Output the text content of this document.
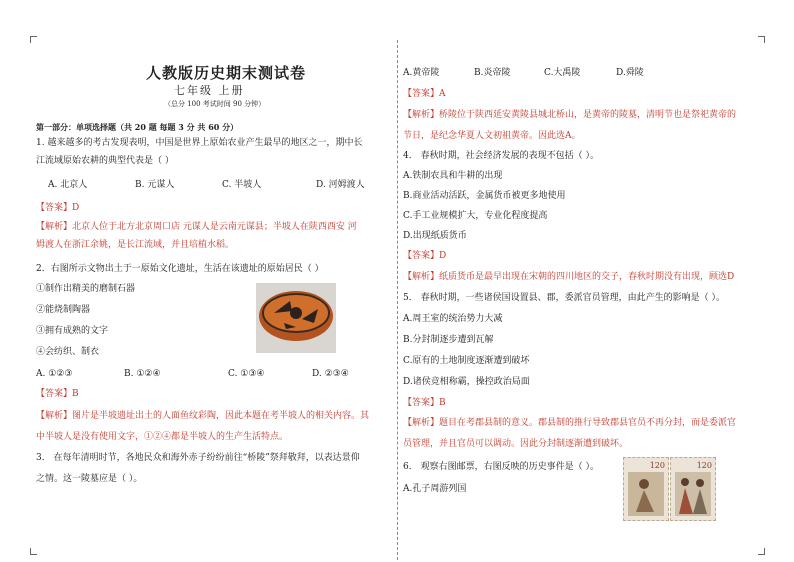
人教版历史期末测试卷
七年级 上册
（总分 100 考试时间 90 分钟）
第一部分：单项选择题（共 20 题 每题 3 分 共 60 分）
1. 越来越多的考古发现表明，中国是世界上原始农业产生最早的地区之一，期中长
江流域原始农耕的典型代表是（ ）
A. 北京人	B. 元谋人	C. 半坡人	D. 河姆渡人
【答案】D
【解析】北京人位于北方北京周口店 元谋人是云南元谋县；半坡人在陕西西安 河
姆渡人在浙江余姚，是长江流域，并且培植水稻。
2．右图所示文物出土于一原始文化遗址，生活在该遗址的原始居民（ ）
①制作出精美的磨制石器
②能烧制陶器
③拥有成熟的文字
④会纺织、制衣
A. ①②③	B. ①②④	C. ①③④	D. ②③④
【答案】B
【解析】图片是半坡遗址出土的人面鱼纹彩陶，因此本题在考半坡人的相关内容。其
中半坡人是没有使用文字，①②④都是半坡人的生产生活特点。
3． 在每年清明时节，各地民众和海外赤子纷纷前往“桥陵”祭拜敬拜，以表达景仰
之情。这一陵墓应是（ ）。
A.黄帝陵	B.炎帝陵	C.大禹陵	D.舜陵
【答案】A
【解析】桥陵位于陕西延安黄陵县城北桥山，是黄帝的陵墓，清明节也是祭祀黄帝的
节日，是纪念华夏人文初祖黄帝。因此选A。
4． 春秋时期，社会经济发展的表现不包括（ ）。
A.铁制农具和牛耕的出现
B.商业活动活跃，金属货币被更多地使用
C.手工业规模扩大，专业化程度提高
D.出现纸质货币
【答案】D
【解析】纸质货币是最早出现在宋朝的四川地区的交子，春秋时期没有出现，顾选D
5． 春秋时期，一些诸侯国设置县、郡，委派官员管理，由此产生的影响是（ ）。
A.周王室的统治势力大减
B.分封制逐步遭到瓦解
C.原有的土地制度逐渐遭到破坏
D.诸侯竞相称霸，操控政治局面
【答案】B
【解析】题目在考郡县制的意义。郡县制的推行导致郡县官员不再分封，而是委派官
员管理，并且官员可以调动。因此分封制逐渐遭到破坏。
6． 观察右图邮票，右图反映的历史事件是（ ）。
A.孔子周游列国
120	120
